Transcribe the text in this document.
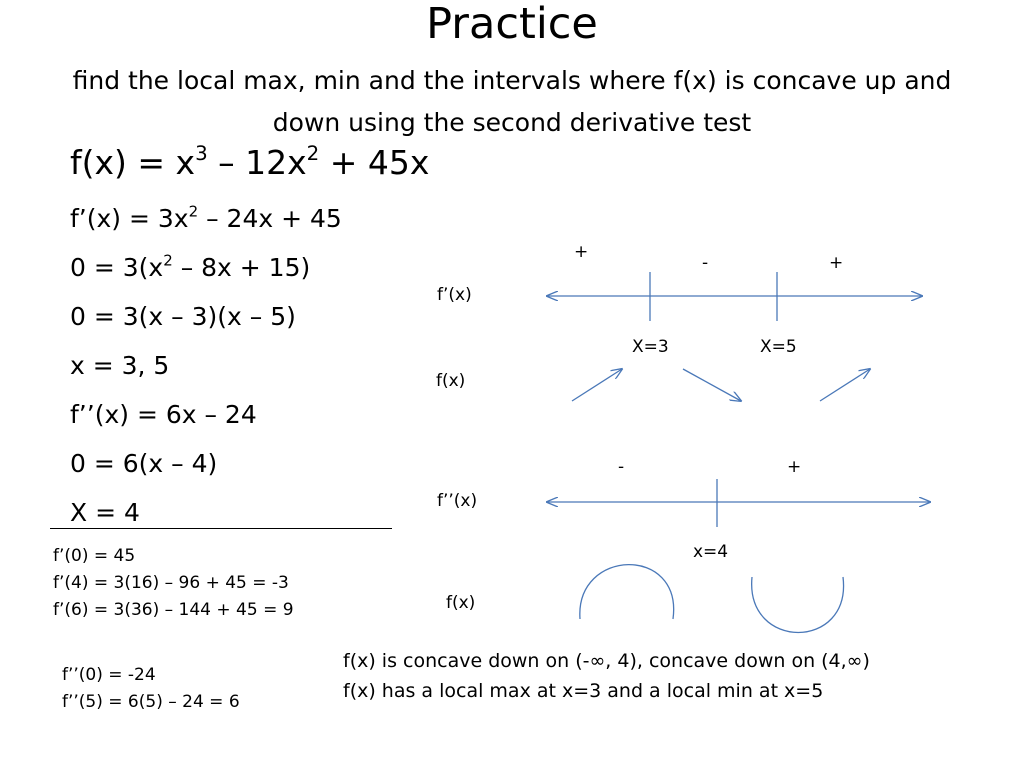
Practice
find the local max, min and the intervals where f(x) is concave up and down using the second derivative test
$f(x) = x^3 - 12x^2 + 45x$
f’(x) = $3x^2 - 24x + 45$
$0 = 3(x^2 - 8x + 15)$
0 = 3(x – 3)(x – 5)
x = 3, 5
f’’(x) = 6x – 24
0 = 6(x – 4)
X = 4
f’(0) = 45
f’(4) = 3(16) – 96 + 45 = -3
f’(6) = 3(36) – 144 + 45 = 9
f’’(0) = -24
f’’(5) = 6(5) – 24 = 6
f’(x)
+
-	+
X=3	X=5
f(x)
-	+
f’’(x)
x=4
f(x)
f(x) is concave down on (-∞, 4), concave down on (4,∞)
f(x) has a local max at x=3 and a local min at x=5
